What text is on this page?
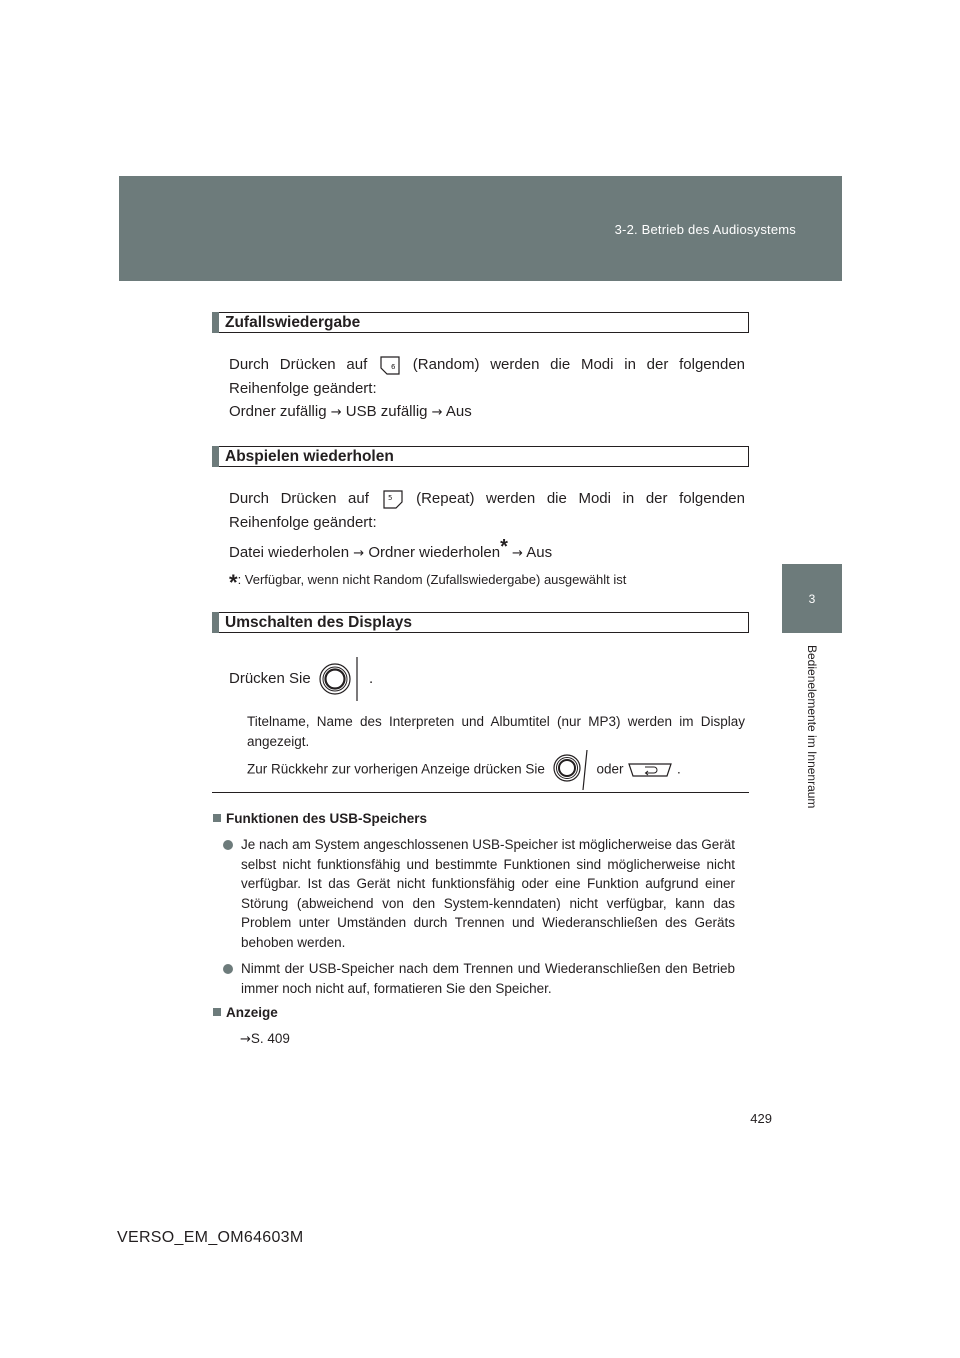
3-2. Betrieb des Audiosystems
3
Bedienelemente im Innenraum
Zufallswiedergabe
Durch Drücken auf	6 (Random) werden die Modi in der folgenden Reihenfolge geändert:
Ordner zufällig → USB zufällig → Aus
Abspielen wiederholen
Durch Drücken auf	5 (Repeat) werden die Modi in der folgenden Reihenfolge geändert:
Datei wiederholen → Ordner wiederholen* → Aus
*: Verfügbar, wenn nicht Random (Zufallswiedergabe) ausgewählt ist
Umschalten des Displays
Drücken Sie	.
Titelname, Name des Interpreten und Albumtitel (nur MP3) werden im Display angezeigt.
Zur Rückkehr zur vorherigen Anzeige drücken Sie	oder	.
Funktionen des USB-Speichers
Je nach am System angeschlossenen USB-Speicher ist möglicherweise das Gerät selbst nicht funktionsfähig und bestimmte Funktionen sind möglicherweise nicht verfügbar. Ist das Gerät nicht funktionsfähig oder eine Funktion aufgrund einer Störung (abweichend von den System-kenndaten) nicht verfügbar, kann das Problem unter Umständen durch Trennen und Wiederanschließen des Geräts behoben werden.
Nimmt der USB-Speicher nach dem Trennen und Wiederanschließen den Betrieb immer noch nicht auf, formatieren Sie den Speicher.
Anzeige
→S. 409
429
VERSO_EM_OM64603M
